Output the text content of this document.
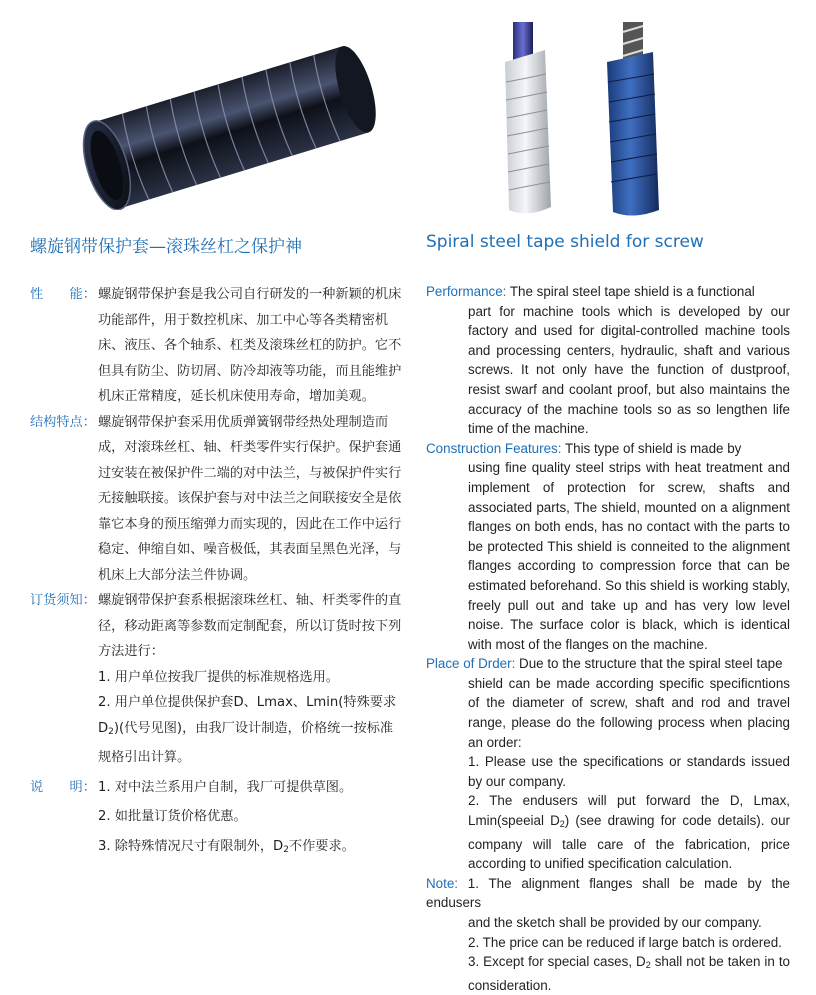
螺旋钢带保护套—滚珠丝杠之保护神	Spiral steel tape shield for screw
性　　能： 螺旋钢带保护套是我公司自行研发的一种新颖的机床功能部件，用于数控机床、加工中心等各类精密机床、液压、各个轴系、杠类及滚珠丝杠的防护。它不但具有防尘、防切屑、防冷却液等功能，而且能维护机床正常精度，延长机床使用寿命，增加美观。
结构特点： 螺旋钢带保护套采用优质弹簧钢带经热处理制造而成，对滚珠丝杠、轴、杆类零件实行保护。保护套通过安装在被保护件二端的对中法兰，与被保护件实行无接触联接。该保护套与对中法兰之间联接安全是依靠它本身的预压缩弹力而实现的，因此在工作中运行稳定、伸缩自如、噪音极低，其表面呈黑色光泽，与机床上大部分法兰件协调。
订货须知： 螺旋钢带保护套系根据滚珠丝杠、轴、杆类零件的直径，移动距离等参数而定制配套，所以订货时按下列方法进行：
1. 用户单位按我厂提供的标准规格选用。
2. 用户单位提供保护套D、Lmax、Lmin(特殊要求$D_2$)(代号见图)，由我厂设计制造，价格统一按标准规格引出计算。
说　　明： 1. 对中法兰系用户自制，我厂可提供草图。
2. 如批量订货价格优惠。
3. 除特殊情况尺寸有限制外，$D_2$不作要求。
Performance: The spiral steel tape shield is a functional
part for machine tools which is developed by our factory and used for digital-controlled machine tools and processing centers, hydraulic, shaft and various screws. It not only have the function of dustproof, resist swarf and coolant proof, but also maintains the accuracy of the machine tools so as so lengthen life time of the machine.
Construction Features: This type of shield is made by
using fine quality steel strips with heat treatment and implement of protection for screw, shafts and associated parts, The shield, mounted on a alignment flanges on both ends, has no contact with the parts to be protected This shield is conneited to the alignment flanges according to compression force that can be estimated beforehand. So this shield is working stably, freely pull out and take up and has very low level noise. The surface color is black, which is identical with most of the flanges on the machine.
Place of Drder: Due to the structure that the spiral steel tape
shield can be made according specific specificntions of the diameter of screw, shaft and rod and travel range, please do the following process when placing an order:
1. Please use the specifications or standards issued by our company.
2. The endusers will put forward the D, Lmax, Lmin(speeial $D_2$) (see drawing for code details). our company will talle care of the fabrication, price according to unified specification calculation.
Note: 1. The alignment flanges shall be made by the endusers
and the sketch shall be provided by our company.
2. The price can be reduced if large batch is ordered.
3. Except for special cases, $D_2$ shall not be taken in to consideration.
